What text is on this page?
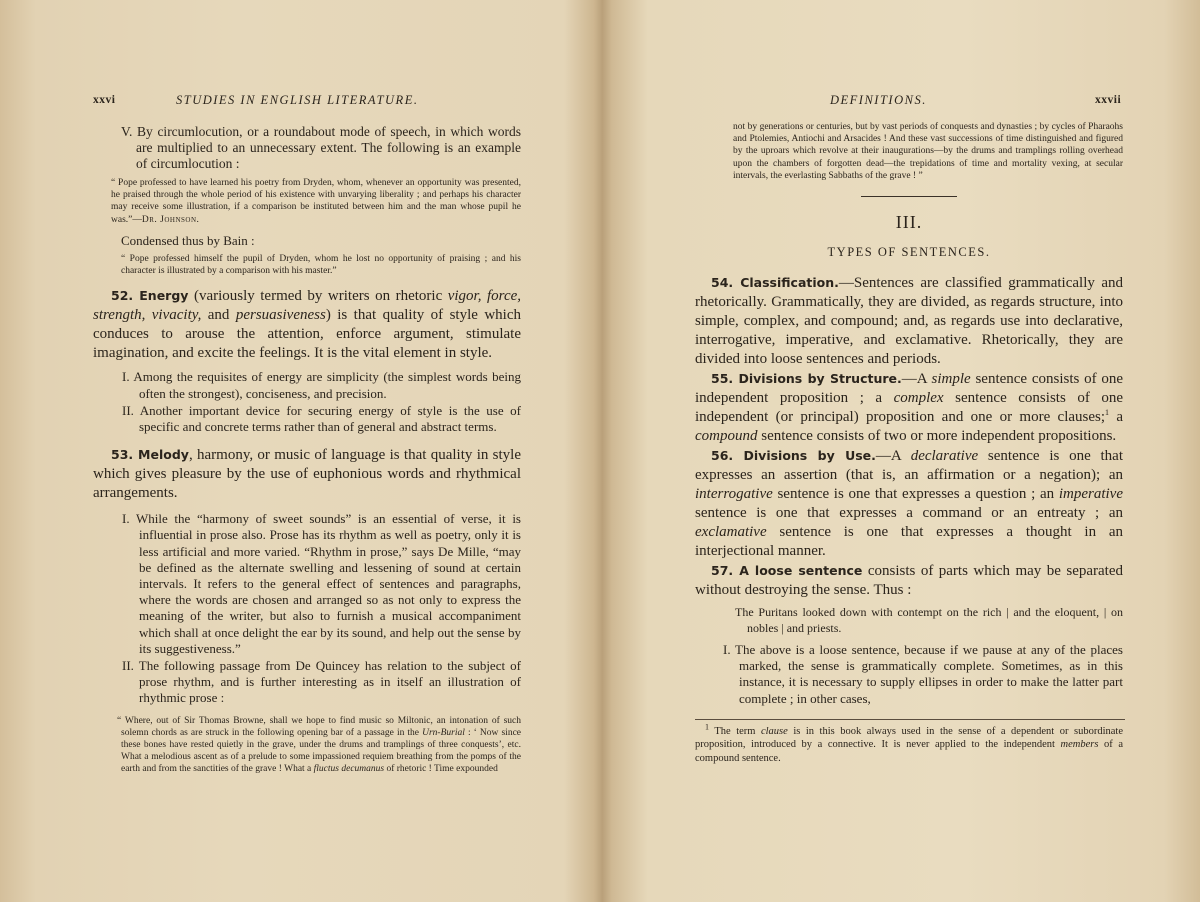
xxvi	STUDIES IN ENGLISH LITERATURE.

V. By circumlocution, or a roundabout mode of speech, in which words are multiplied to an unnecessary extent. The following is an example of circumlocution :

“ Pope professed to have learned his poetry from Dryden, whom, whenever an opportunity was presented, he praised through the whole period of his existence with unvarying liberality ; and perhaps his character may receive some illustration, if a comparison be instituted between him and the man whose pupil he was.”—Dr. Johnson.

Condensed thus by Bain :

“ Pope professed himself the pupil of Dryden, whom he lost no opportunity of praising ; and his character is illustrated by a comparison with his master.”

52. Energy (variously termed by writers on rhetoric vigor, force, strength, vivacity, and persuasiveness) is that quality of style which conduces to arouse the attention, enforce argument, stimulate imagination, and excite the feelings. It is the vital element in style.

I. Among the requisites of energy are simplicity (the simplest words being often the strongest), conciseness, and precision.

II. Another important device for securing energy of style is the use of specific and concrete terms rather than of general and abstract terms.

53. Melody, harmony, or music of language is that quality in style which gives pleasure by the use of euphonious words and rhythmical arrangements.

I. While the “harmony of sweet sounds” is an essential of verse, it is influential in prose also. Prose has its rhythm as well as poetry, only it is less artificial and more varied. “Rhythm in prose,” says De Mille, “may be defined as the alternate swelling and lessening of sound at certain intervals. It refers to the general effect of sentences and paragraphs, where the words are chosen and arranged so as not only to express the meaning of the writer, but also to furnish a musical accompaniment which shall at once delight the ear by its sound, and help out the sense by its suggestiveness.”

II. The following passage from De Quincey has relation to the subject of prose rhythm, and is further interesting as in itself an illustration of rhythmic prose :

“ Where, out of Sir Thomas Browne, shall we hope to find music so Miltonic, an intonation of such solemn chords as are struck in the following opening bar of a passage in the Urn-Burial : ‘ Now since these bones have rested quietly in the grave, under the drums and tramplings of three conquests’, etc. What a melodious ascent as of a prelude to some impassioned requiem breathing from the pomps of the earth and from the sanctities of the grave ! What a fluctus decumanus of rhetoric ! Time expounded

DEFINITIONS.	xxvii

not by generations or centuries, but by vast periods of conquests and dynasties ; by cycles of Pharaohs and Ptolemies, Antiochi and Arsacides ! And these vast successions of time distinguished and figured by the uproars which revolve at their inaugurations—by the drums and tramplings rolling overhead upon the chambers of forgotten dead—the trepidations of time and mortality vexing, at secular intervals, the everlasting Sabbaths of the grave ! ”

III.

TYPES OF SENTENCES.

54. Classification.—Sentences are classified grammatically and rhetorically. Grammatically, they are divided, as regards structure, into simple, complex, and compound; and, as regards use into declarative, interrogative, imperative, and exclamative. Rhetorically, they are divided into loose sentences and periods.

55. Divisions by Structure.—A simple sentence consists of one independent proposition ; a complex sentence consists of one independent (or principal) proposition and one or more clauses;$^1$ a compound sentence consists of two or more independent propositions.

56. Divisions by Use.—A declarative sentence is one that expresses an assertion (that is, an affirmation or a negation); an interrogative sentence is one that expresses a question ; an imperative sentence is one that expresses a command or an entreaty ; an exclamative sentence is one that expresses a thought in an interjectional manner.

57. A loose sentence consists of parts which may be separated without destroying the sense. Thus :

The Puritans looked down with contempt on the rich | and the eloquent, | on nobles | and priests.

I. The above is a loose sentence, because if we pause at any of the places marked, the sense is grammatically complete. Sometimes, as in this instance, it is necessary to supply ellipses in order to make the latter part complete ; in other cases,

$^1$ The term clause is in this book always used in the sense of a dependent or subordinate proposition, introduced by a connective. It is never applied to the independent members of a compound sentence.
